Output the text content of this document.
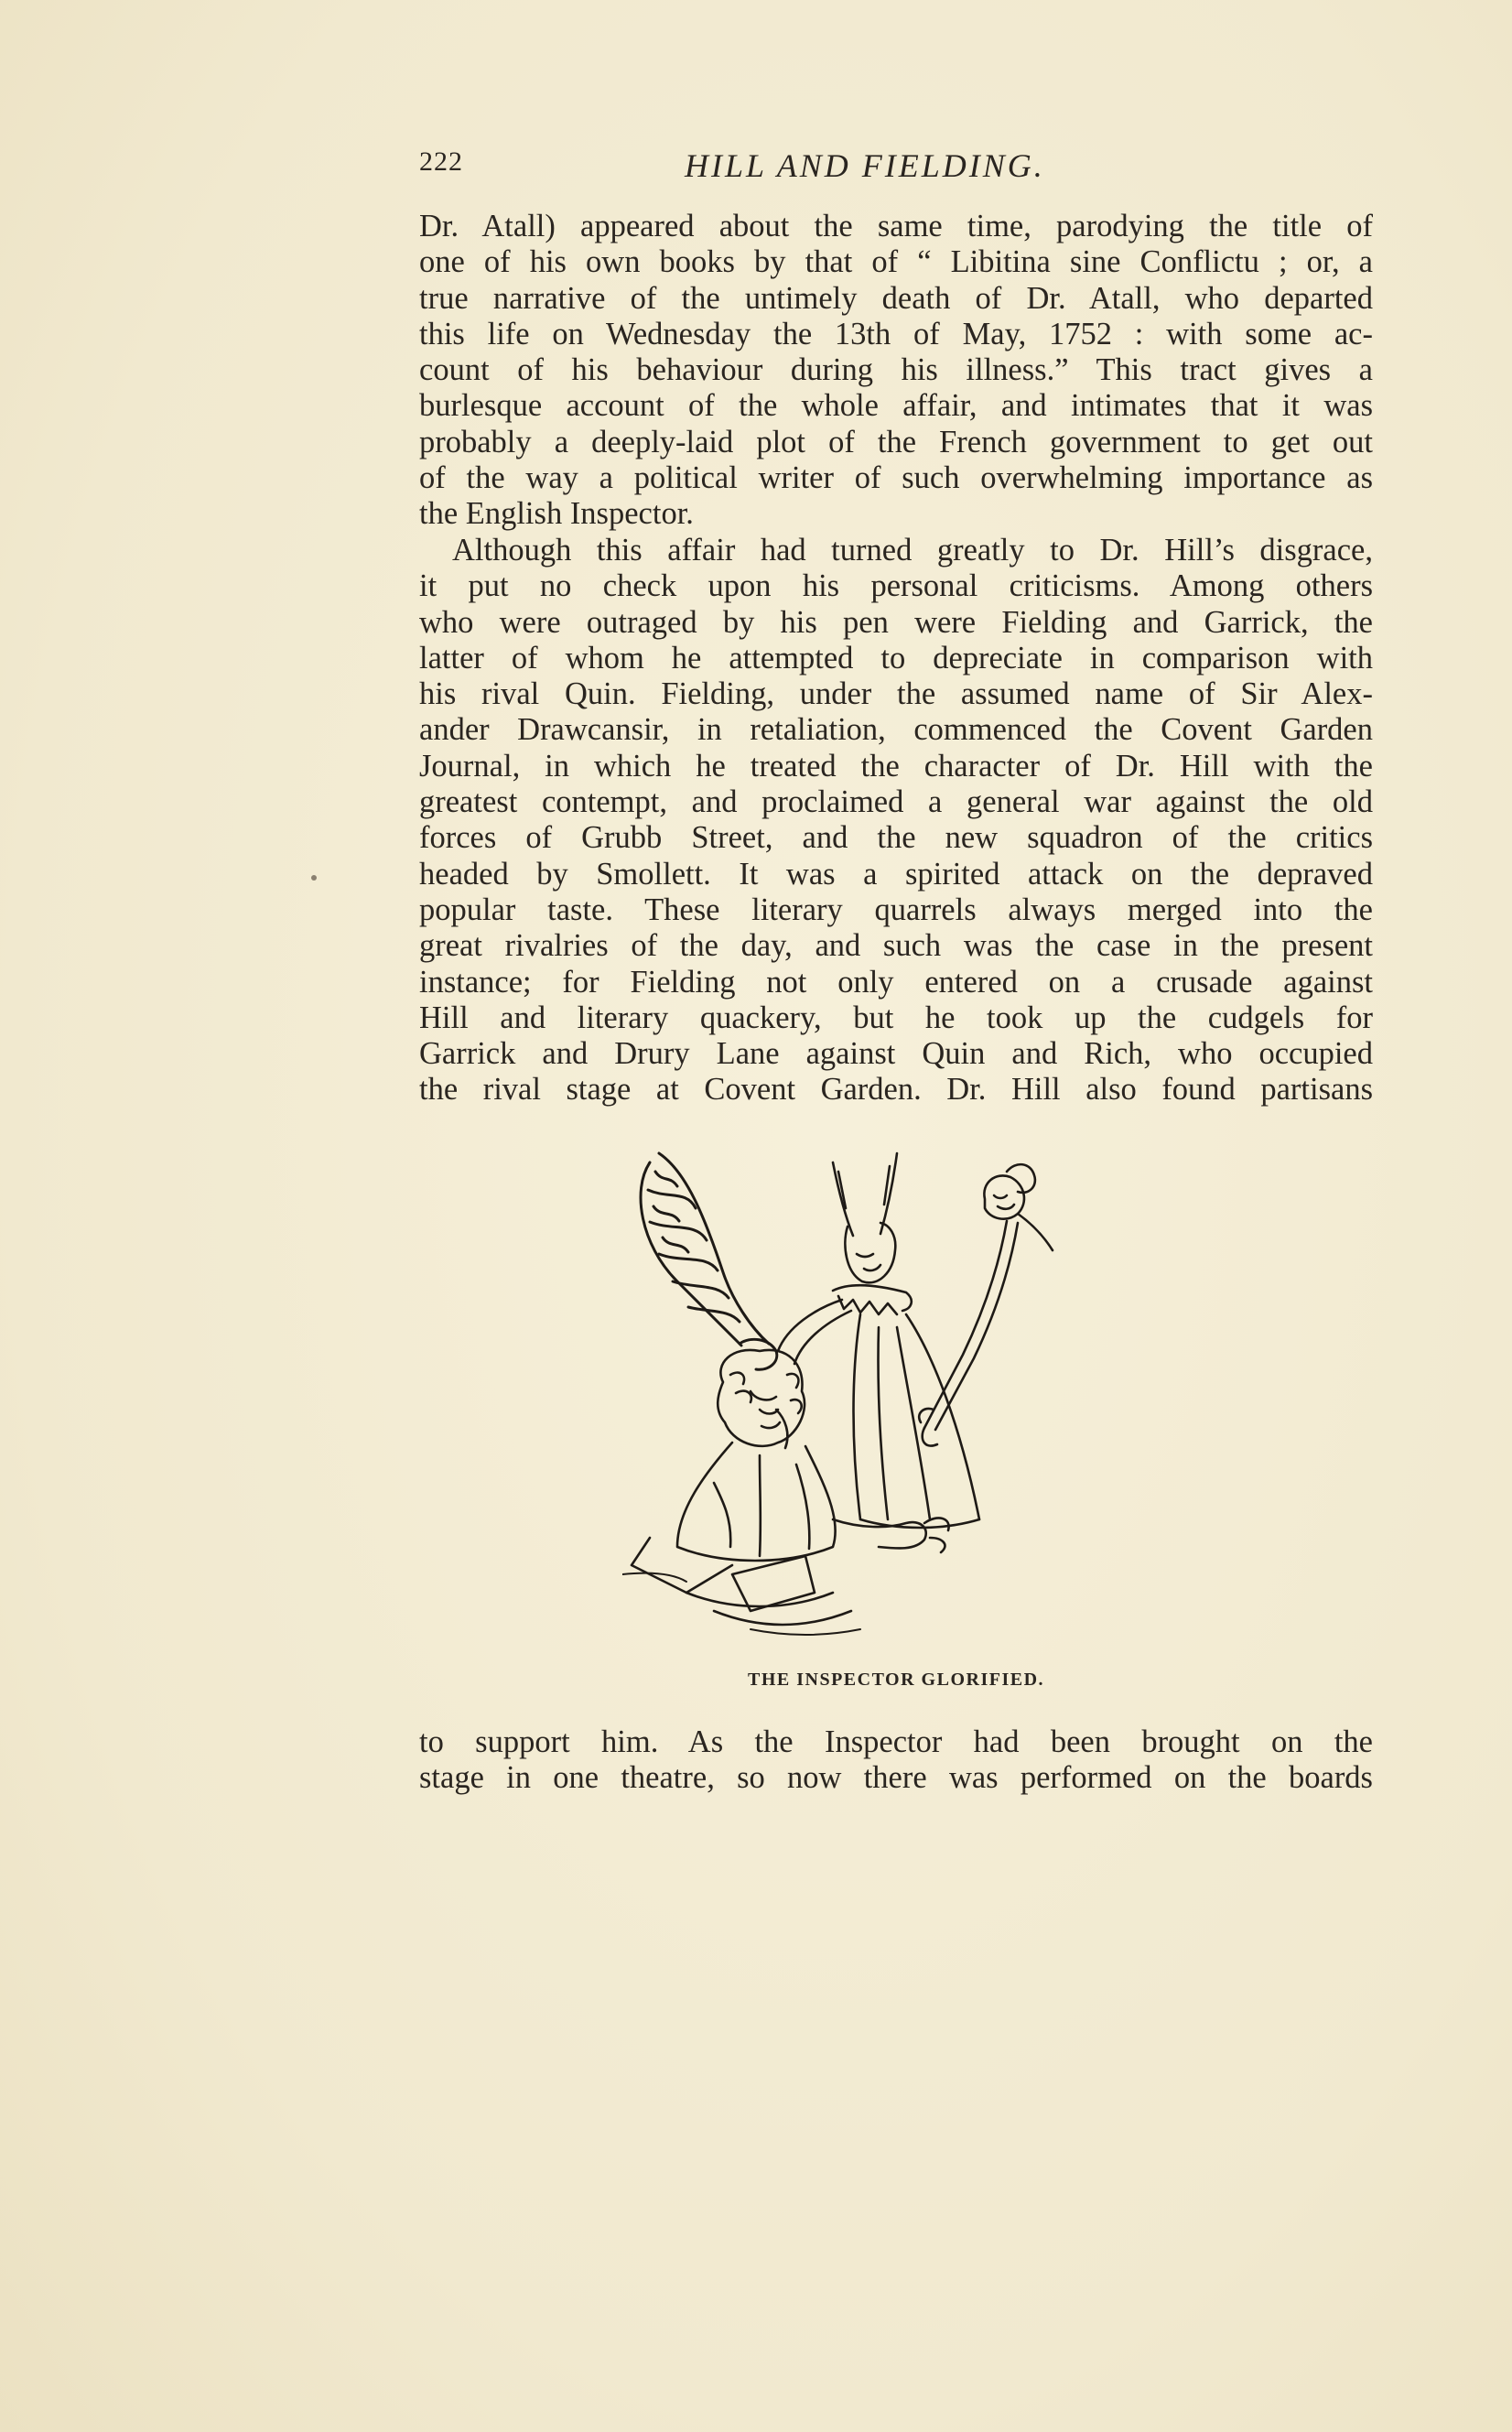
222	HILL AND FIELDING.
Dr. Atall) appeared about the same time, parodying the title of
one of his own books by that of “ Libitina sine Conflictu ; or, a
true narrative of the untimely death of Dr. Atall, who departed
this life on Wednesday the 13th of May, 1752 : with some ac-
count of his behaviour during his illness.” This tract gives a
burlesque account of the whole affair, and intimates that it was
probably a deeply-laid plot of the French government to get out
of the way a political writer of such overwhelming importance as
the English Inspector.
Although this affair had turned greatly to Dr. Hill’s disgrace,
it put no check upon his personal criticisms. Among others
who were outraged by his pen were Fielding and Garrick, the
latter of whom he attempted to depreciate in comparison with
his rival Quin. Fielding, under the assumed name of Sir Alex-
ander Drawcansir, in retaliation, commenced the Covent Garden
Journal, in which he treated the character of Dr. Hill with the
greatest contempt, and proclaimed a general war against the old
forces of Grubb Street, and the new squadron of the critics
headed by Smollett. It was a spirited attack on the depraved
popular taste. These literary quarrels always merged into the
great rivalries of the day, and such was the case in the present
instance; for Fielding not only entered on a crusade against
Hill and literary quackery, but he took up the cudgels for
Garrick and Drury Lane against Quin and Rich, who occupied
the rival stage at Covent Garden. Dr. Hill also found partisans
THE INSPECTOR GLORIFIED.
to support him. As the Inspector had been brought on the
stage in one theatre, so now there was performed on the boards
